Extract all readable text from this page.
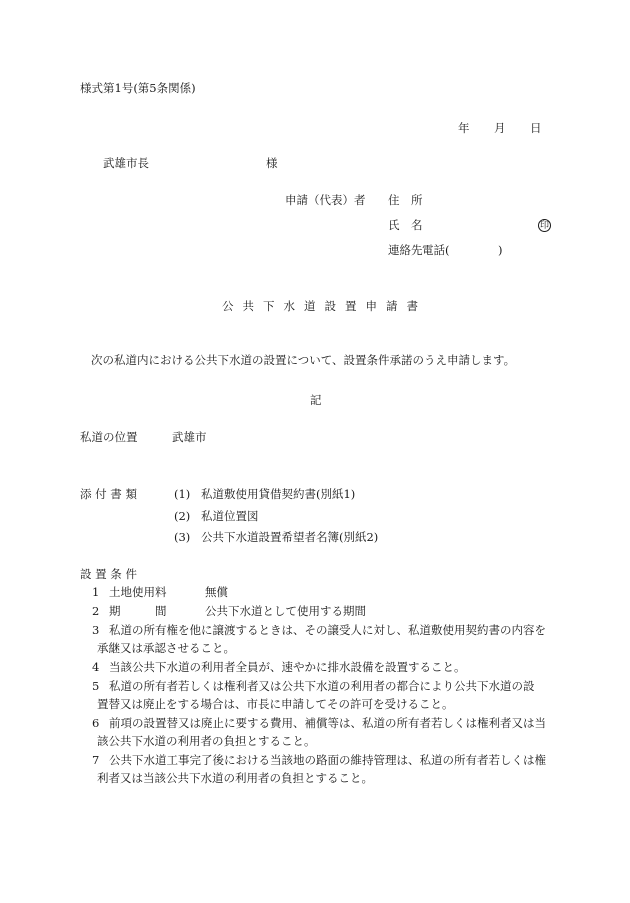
様式第1号(第5条関係)
年 月 日
武雄市長	様
申請（代表）者 住　所
氏　名	印
連絡先 電話(	)
公共下水道設置申請書
次の私道内における公共下水道の設置について、設置条件承諾のうえ申請します。
記
私道の位置	武雄市
添 付 書 類	(1) 私道敷使用貸借契約書(別紙1)
(2) 私道位置図
(3) 公共下水道設置希望者名簿(別紙2)
設 置 条 件
1 土地使用料	無償
2 期　　　間	公共下水道として使用する期間
3 私道の所有権を他に譲渡するときは、その譲受人に対し、私道敷使用契約書の内容を
承継又は承認させること。
4 当該公共下水道の利用者全員が、速やかに排水設備を設置すること。
5 私道の所有者若しくは権利者又は公共下水道の利用者の都合により公共下水道の設
置替又は廃止をする場合は、市長に申請してその許可を受けること。
6 前項の設置替又は廃止に要する費用、補償等は、私道の所有者若しくは権利者又は当
該公共下水道の利用者の負担とすること。
7 公共下水道工事完了後における当該地の路面の維持管理は、私道の所有者若しくは権
利者又は当該公共下水道の利用者の負担とすること。
